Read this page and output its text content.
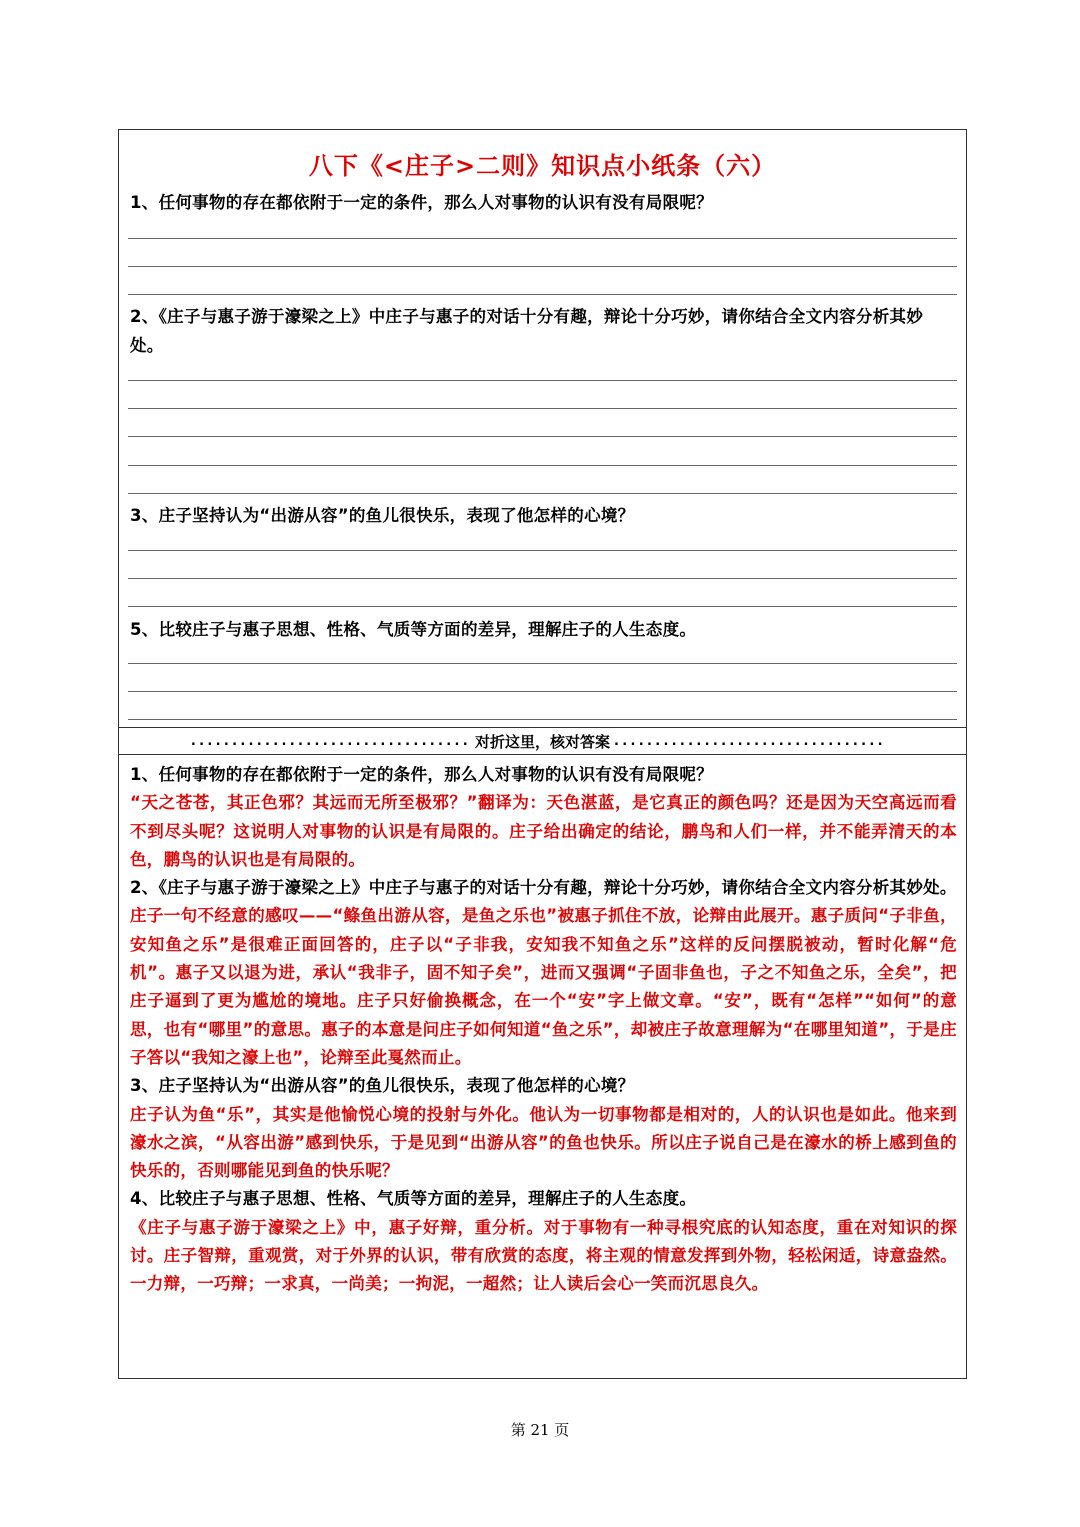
八下《<庄子>二则》知识点小纸条（六）
1、任何事物的存在都依附于一定的条件，那么人对事物的认识有没有局限呢？
2、《庄子与惠子游于濠梁之上》中庄子与惠子的对话十分有趣，辩论十分巧妙，请你结合全文内容分析其妙处。
3、庄子坚持认为“出游从容”的鱼儿很快乐，表现了他怎样的心境？
5、比较庄子与惠子思想、性格、气质等方面的差异，理解庄子的人生态度。
.................................. 对折这里，核对答案 .................................

1、任何事物的存在都依附于一定的条件，那么人对事物的认识有没有局限呢？

“天之苍苍，其正色邪？其远而无所至极邪？”翻译为：天色湛蓝，是它真正的颜色吗？还是因为天空高远而看不到尽头呢？这说明人对事物的认识是有局限的。庄子给出确定的结论，鹏鸟和人们一样，并不能弄清天的本色，鹏鸟的认识也是有局限的。

2、《庄子与惠子游于濠梁之上》中庄子与惠子的对话十分有趣，辩论十分巧妙，请你结合全文内容分析其妙处。

庄子一句不经意的感叹——“鲦鱼出游从容，是鱼之乐也”被惠子抓住不放，论辩由此展开。惠子质问“子非鱼，安知鱼之乐”是很难正面回答的，庄子以“子非我，安知我不知鱼之乐”这样的反问摆脱被动，暂时化解“危机”。惠子又以退为进，承认“我非子，固不知子矣”，进而又强调“子固非鱼也，子之不知鱼之乐，全矣”，把庄子逼到了更为尴尬的境地。庄子只好偷换概念，在一个“安”字上做文章。“安”，既有“怎样”“如何”的意思，也有“哪里”的意思。惠子的本意是问庄子如何知道“鱼之乐”，却被庄子故意理解为“在哪里知道”，于是庄子答以“我知之濠上也”，论辩至此戛然而止。

3、庄子坚持认为“出游从容”的鱼儿很快乐，表现了他怎样的心境？

庄子认为鱼“乐”，其实是他愉悦心境的投射与外化。他认为一切事物都是相对的，人的认识也是如此。他来到濠水之滨，“从容出游”感到快乐，于是见到“出游从容”的鱼也快乐。所以庄子说自己是在濠水的桥上感到鱼的快乐的，否则哪能见到鱼的快乐呢？

4、比较庄子与惠子思想、性格、气质等方面的差异，理解庄子的人生态度。

《庄子与惠子游于濠梁之上》中，惠子好辩，重分析。对于事物有一种寻根究底的认知态度，重在对知识的探讨。庄子智辩，重观赏，对于外界的认识，带有欣赏的态度，将主观的情意发挥到外物，轻松闲适，诗意盎然。一力辩，一巧辩；一求真，一尚美；一拘泥，一超然；让人读后会心一笑而沉思良久。

第 21 页
